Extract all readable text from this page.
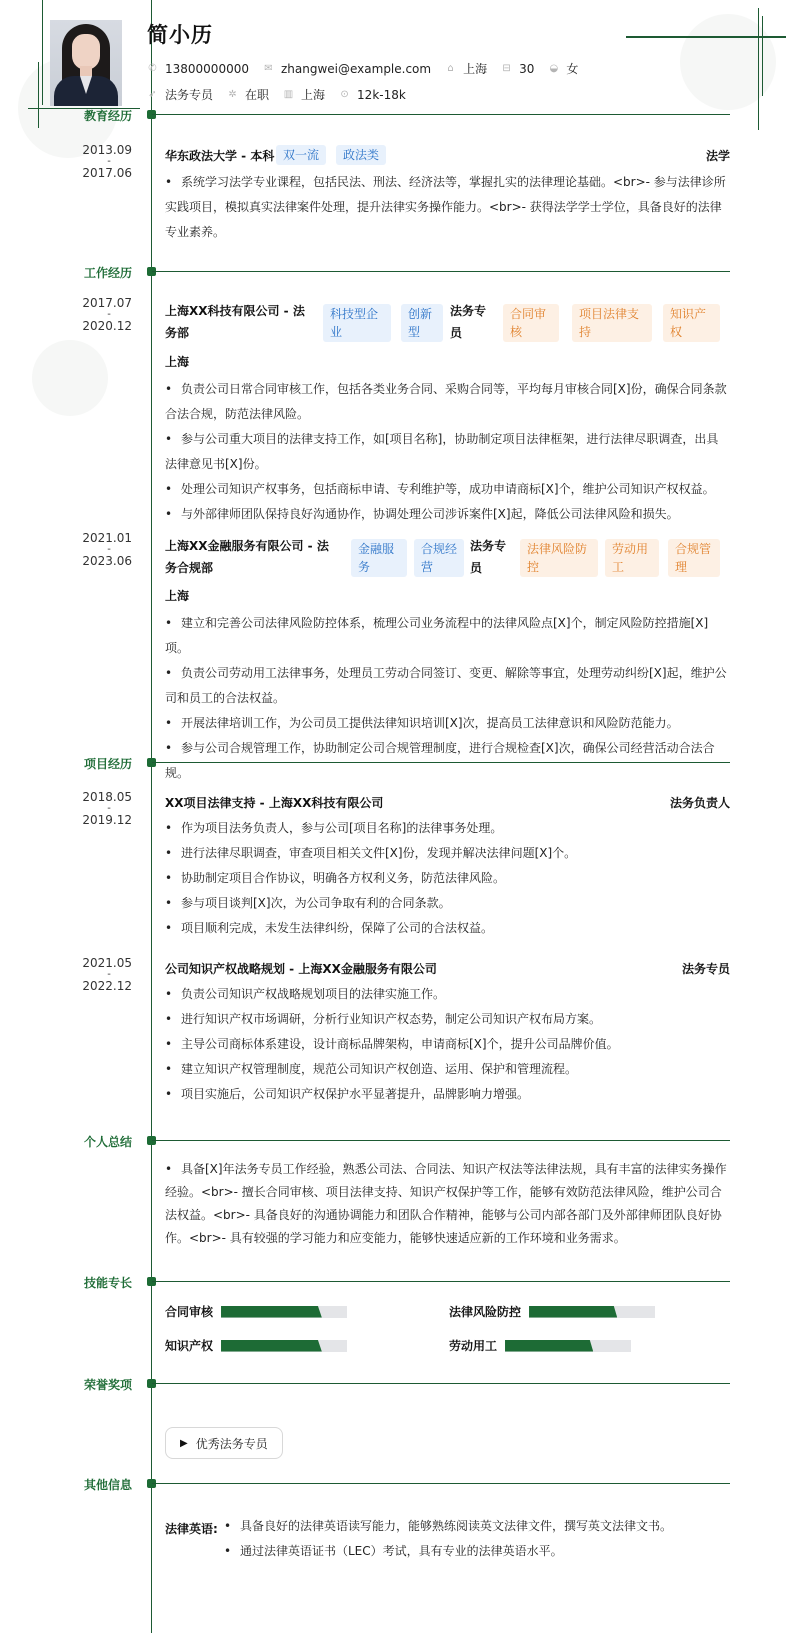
简小历
✆ 13800000000 ✉ zhangwei@example.com ⌂ 上海 ⊟ 30 ◒ 女
➶ 法务专员 ✲ 在职 ▥ 上海 ⊙ 12k-18k
教育经历
2013.09
-
2017.06
华东政法大学 - 本科 双一流	政法类	法学
• 系统学习法学专业课程，包括民法、刑法、经济法等，掌握扎实的法律理论基础。<br>- 参与法律诊所实践项目，模拟真实法律案件处理，提升法律实务操作能力。<br>- 获得法学学士学位，具备良好的法律专业素养。
工作经历
2017.07
-
2020.12
上海XX科技有限公司 - 法务部
科技型企业
创新型
法务专员
合同审核
项目法律支持
知识产权
上海
• 负责公司日常合同审核工作，包括各类业务合同、采购合同等，平均每月审核合同[X]份，确保合同条款合法合规，防范法律风险。
• 参与公司重大项目的法律支持工作，如[项目名称]，协助制定项目法律框架，进行法律尽职调查，出具法律意见书[X]份。
• 处理公司知识产权事务，包括商标申请、专利维护等，成功申请商标[X]个，维护公司知识产权权益。
• 与外部律师团队保持良好沟通协作，协调处理公司涉诉案件[X]起，降低公司法律风险和损失。
2021.01
-
2023.06
上海XX金融服务有限公司 - 法务合规部
金融服务
合规经营
法务专员
法律风险防控
劳动用工
合规管理
上海
• 建立和完善公司法律风险防控体系，梳理公司业务流程中的法律风险点[X]个，制定风险防控措施[X]项。
• 负责公司劳动用工法律事务，处理员工劳动合同签订、变更、解除等事宜，处理劳动纠纷[X]起，维护公司和员工的合法权益。
• 开展法律培训工作，为公司员工提供法律知识培训[X]次，提高员工法律意识和风险防范能力。
• 参与公司合规管理工作，协助制定公司合规管理制度，进行合规检查[X]次，确保公司经营活动合法合规。
项目经历
2018.05
-
2019.12
XX项目法律支持 - 上海XX科技有限公司	法务负责人
• 作为项目法务负责人，参与公司[项目名称]的法律事务处理。
• 进行法律尽职调查，审查项目相关文件[X]份，发现并解决法律问题[X]个。
• 协助制定项目合作协议，明确各方权利义务，防范法律风险。
• 参与项目谈判[X]次，为公司争取有利的合同条款。
• 项目顺利完成，未发生法律纠纷，保障了公司的合法权益。
2021.05
-
2022.12
公司知识产权战略规划 - 上海XX金融服务有限公司	法务专员
• 负责公司知识产权战略规划项目的法律实施工作。
• 进行知识产权市场调研，分析行业知识产权态势，制定公司知识产权布局方案。
• 主导公司商标体系建设，设计商标品牌架构，申请商标[X]个，提升公司品牌价值。
• 建立知识产权管理制度，规范公司知识产权创造、运用、保护和管理流程。
• 项目实施后，公司知识产权保护水平显著提升，品牌影响力增强。
个人总结
• 具备[X]年法务专员工作经验，熟悉公司法、合同法、知识产权法等法律法规，具有丰富的法律实务操作经验。<br>- 擅长合同审核、项目法律支持、知识产权保护等工作，能够有效防范法律风险，维护公司合法权益。<br>- 具备良好的沟通协调能力和团队合作精神，能够与公司内部各部门及外部律师团队良好协作。<br>- 具有较强的学习能力和应变能力，能够快速适应新的工作环境和业务需求。
技能专长
合同审核	法律风险防控
知识产权	劳动用工
荣誉奖项
▶ 优秀法务专员
其他信息
法律英语: • 具备良好的法律英语读写能力，能够熟练阅读英文法律文件，撰写英文法律文书。
• 通过法律英语证书（LEC）考试，具有专业的法律英语水平。
